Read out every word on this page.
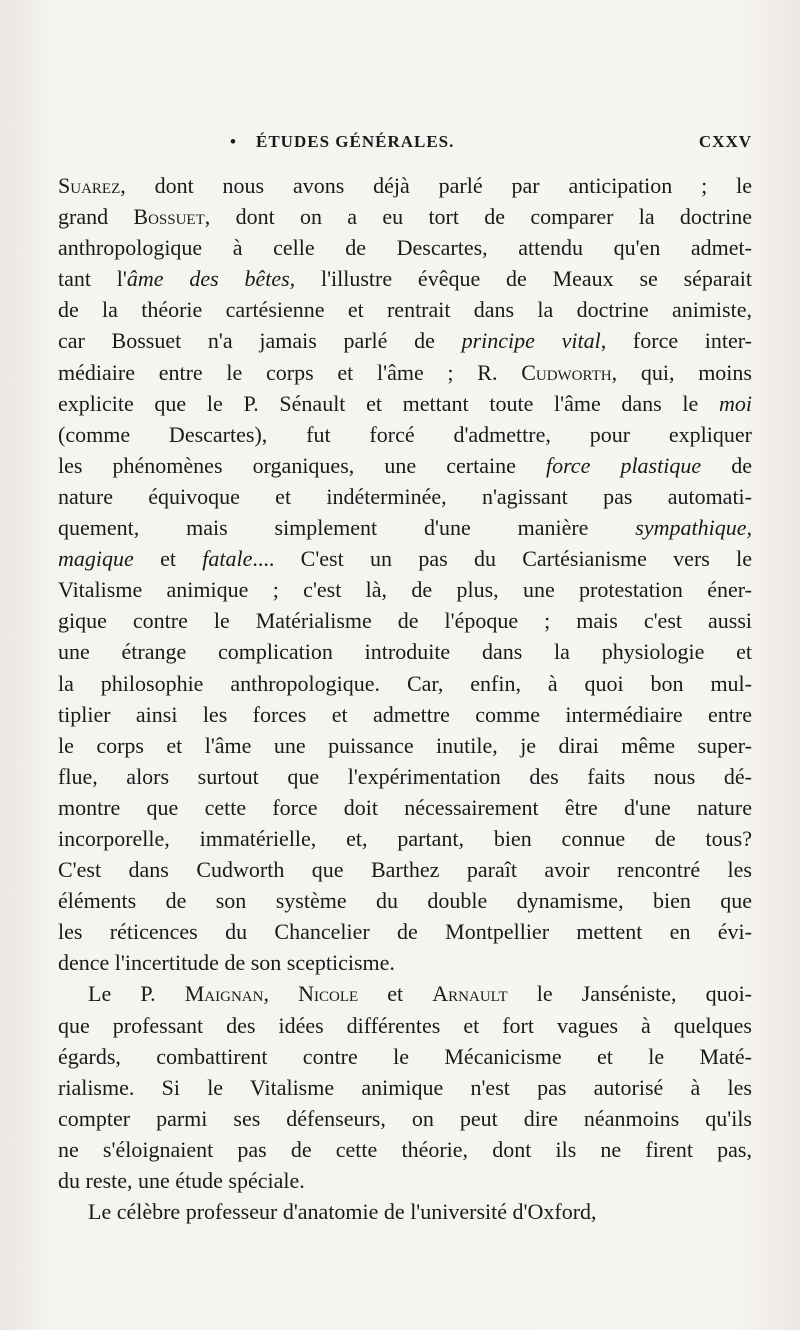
• ÉTUDES GÉNÉRALES.	CXXV
Suarez, dont nous avons déjà parlé par anticipation ; le
grand Bossuet, dont on a eu tort de comparer la doctrine
anthropologique à celle de Descartes, attendu qu'en admet-
tant l'âme des bêtes, l'illustre évêque de Meaux se séparait
de la théorie cartésienne et rentrait dans la doctrine animiste,
car Bossuet n'a jamais parlé de principe vital, force inter-
médiaire entre le corps et l'âme ; R. Cudworth, qui, moins
explicite que le P. Sénault et mettant toute l'âme dans le moi
(comme Descartes), fut forcé d'admettre, pour expliquer
les phénomènes organiques, une certaine force plastique de
nature équivoque et indéterminée, n'agissant pas automati-
quement, mais simplement d'une manière sympathique,
magique et fatale.... C'est un pas du Cartésianisme vers le
Vitalisme animique ; c'est là, de plus, une protestation éner-
gique contre le Matérialisme de l'époque ; mais c'est aussi
une étrange complication introduite dans la physiologie et
la philosophie anthropologique. Car, enfin, à quoi bon mul-
tiplier ainsi les forces et admettre comme intermédiaire entre
le corps et l'âme une puissance inutile, je dirai même super-
flue, alors surtout que l'expérimentation des faits nous dé-
montre que cette force doit nécessairement être d'une nature
incorporelle, immatérielle, et, partant, bien connue de tous?
C'est dans Cudworth que Barthez paraît avoir rencontré les
éléments de son système du double dynamisme, bien que
les réticences du Chancelier de Montpellier mettent en évi-
dence l'incertitude de son scepticisme.
Le P. Maignan, Nicole et Arnault le Janséniste, quoi-
que professant des idées différentes et fort vagues à quelques
égards, combattirent contre le Mécanicisme et le Maté-
rialisme. Si le Vitalisme animique n'est pas autorisé à les
compter parmi ses défenseurs, on peut dire néanmoins qu'ils
ne s'éloignaient pas de cette théorie, dont ils ne firent pas,
du reste, une étude spéciale.
Le célèbre professeur d'anatomie de l'université d'Oxford,
